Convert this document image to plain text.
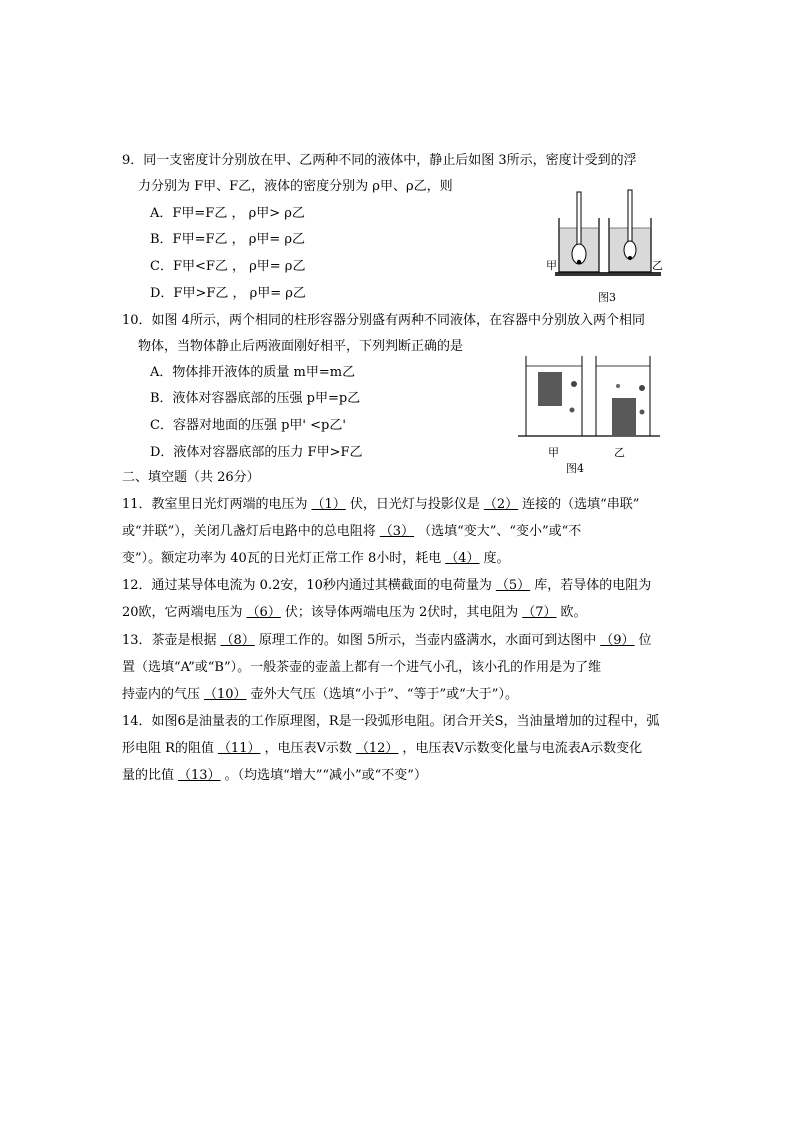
9．同一支密度计分别放在甲、乙两种不同的液体中，静止后如图 3所示，密度计受到的浮
力分别为 F甲、F乙，液体的密度分别为 ρ甲、ρ乙，则
A．F甲=F乙 ， ρ甲> ρ乙
B．F甲=F乙 ， ρ甲= ρ乙
C．F甲<F乙 ， ρ甲= ρ乙
D．F甲>F乙 ， ρ甲= ρ乙
甲	乙
图3
10．如图 4所示，两个相同的柱形容器分别盛有两种不同液体，在容器中分别放入两个相同
物体，当物体静止后两液面刚好相平，下列判断正确的是
A．物体排开液体的质量 m甲=m乙
B．液体对容器底部的压强 p甲=p乙
C．容器对地面的压强 p甲' <p乙'
D．液体对容器底部的压力 F甲>F乙	甲	乙
图4
二、填空题（共 26分）
11．教室里日光灯两端的电压为 （1） 伏，日光灯与投影仪是 （2） 连接的（选填“串联”
或“并联”），关闭几盏灯后电路中的总电阻将 （3） （选填“变大”、“变小”或“不
变”）。额定功率为 40瓦的日光灯正常工作 8小时，耗电 （4） 度。
12．通过某导体电流为 0.2安，10秒内通过其横截面的电荷量为 （5） 库，若导体的电阻为
20欧，它两端电压为 （6） 伏；该导体两端电压为 2伏时，其电阻为 （7） 欧。
13．茶壶是根据 （8） 原理工作的。如图 5所示，当壶内盛满水，水面可到达图中 （9） 位
置（选填“A”或“B”）。一般茶壶的壶盖上都有一个进气小孔，该小孔的作用是为了维
持壶内的气压 （10） 壶外大气压（选填“小于”、“等于”或“大于”）。
14．如图6是油量表的工作原理图，R是一段弧形电阻。闭合开关S，当油量增加的过程中，弧
形电阻 R的阻值 （11） ，电压表V示数 （12） ，电压表V示数变化量与电流表A示数变化
量的比值 （13） 。（均选填“增大”“减小”或“不变”）
